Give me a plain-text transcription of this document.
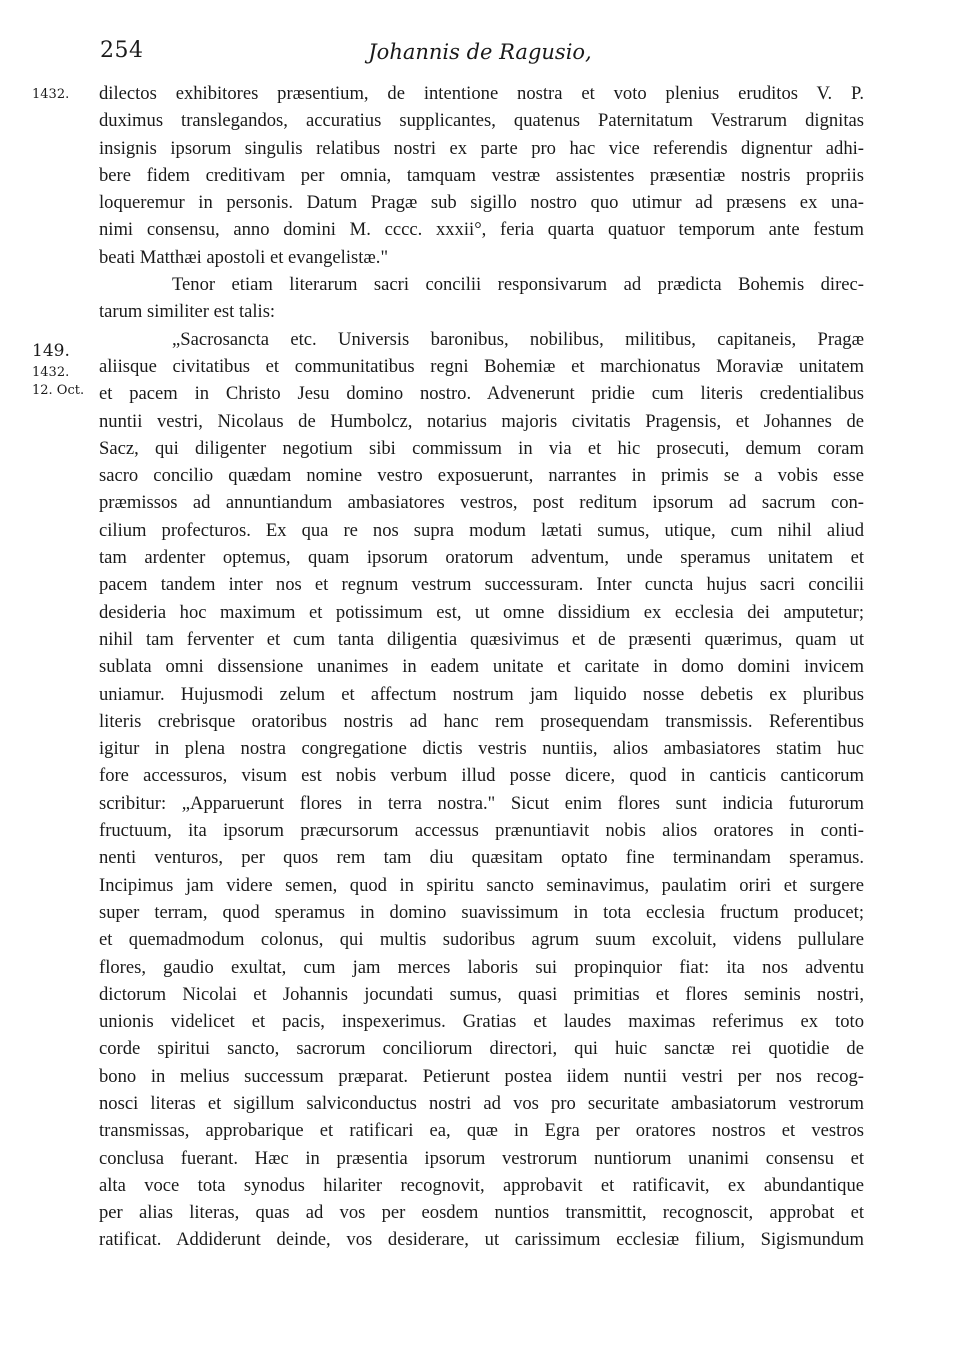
254	Johannis de Ragusio,
1432.
149.
1432.
12. Oct.
dilectos exhibitores præsentium, de intentione nostra et voto plenius eruditos V. P.
duximus translegandos, accuratius supplicantes, quatenus Paternitatum Vestrarum dignitas
insignis ipsorum singulis relatibus nostri ex parte pro hac vice referendis dignentur adhi-
bere fidem creditivam per omnia, tamquam vestræ assistentes præsentiæ nostris propriis
loqueremur in personis. Datum Pragæ sub sigillo nostro quo utimur ad præsens ex una-
nimi consensu, anno domini M. cccc. xxxii°, feria quarta quatuor temporum ante festum
beati Matthæi apostoli et evangelistæ."
Tenor etiam literarum sacri concilii responsivarum ad prædicta Bohemis direc-
tarum similiter est talis:
„Sacrosancta etc. Universis baronibus, nobilibus, militibus, capitaneis, Pragæ
aliisque civitatibus et communitatibus regni Bohemiæ et marchionatus Moraviæ unitatem
et pacem in Christo Jesu domino nostro. Advenerunt pridie cum literis credentialibus
nuntii vestri, Nicolaus de Humbolcz, notarius majoris civitatis Pragensis, et Johannes de
Sacz, qui diligenter negotium sibi commissum in via et hic prosecuti, demum coram
sacro concilio quædam nomine vestro exposuerunt, narrantes in primis se a vobis esse
præmissos ad annuntiandum ambasiatores vestros, post reditum ipsorum ad sacrum con-
cilium profecturos. Ex qua re nos supra modum lætati sumus, utique, cum nihil aliud
tam ardenter optemus, quam ipsorum oratorum adventum, unde speramus unitatem et
pacem tandem inter nos et regnum vestrum successuram. Inter cuncta hujus sacri concilii
desideria hoc maximum et potissimum est, ut omne dissidium ex ecclesia dei amputetur;
nihil tam ferventer et cum tanta diligentia quæsivimus et de præsenti quærimus, quam ut
sublata omni dissensione unanimes in eadem unitate et caritate in domo domini invicem
uniamur. Hujusmodi zelum et affectum nostrum jam liquido nosse debetis ex pluribus
literis crebrisque oratoribus nostris ad hanc rem prosequendam transmissis. Referentibus
igitur in plena nostra congregatione dictis vestris nuntiis, alios ambasiatores statim huc
fore accessuros, visum est nobis verbum illud posse dicere, quod in canticis canticorum
scribitur: „Apparuerunt flores in terra nostra." Sicut enim flores sunt indicia futurorum
fructuum, ita ipsorum præcursorum accessus prænuntiavit nobis alios oratores in conti-
nenti venturos, per quos rem tam diu quæsitam optato fine terminandam speramus.
Incipimus jam videre semen, quod in spiritu sancto seminavimus, paulatim oriri et surgere
super terram, quod speramus in domino suavissimum in tota ecclesia fructum producet;
et quemadmodum colonus, qui multis sudoribus agrum suum excoluit, videns pullulare
flores, gaudio exultat, cum jam merces laboris sui propinquior fiat: ita nos adventu
dictorum Nicolai et Johannis jocundati sumus, quasi primitias et flores seminis nostri,
unionis videlicet et pacis, inspexerimus. Gratias et laudes maximas referimus ex toto
corde spiritui sancto, sacrorum conciliorum directori, qui huic sanctæ rei quotidie de
bono in melius successum præparat. Petierunt postea iidem nuntii vestri per nos recog-
nosci literas et sigillum salviconductus nostri ad vos pro securitate ambasiatorum vestrorum
transmissas, approbarique et ratificari ea, quæ in Egra per oratores nostros et vestros
conclusa fuerant. Hæc in præsentia ipsorum vestrorum nuntiorum unanimi consensu et
alta voce tota synodus hilariter recognovit, approbavit et ratificavit, ex abundantique
per alias literas, quas ad vos per eosdem nuntios transmittit, recognoscit, approbat et
ratificat. Addiderunt deinde, vos desiderare, ut carissimum ecclesiæ filium, Sigismundum
